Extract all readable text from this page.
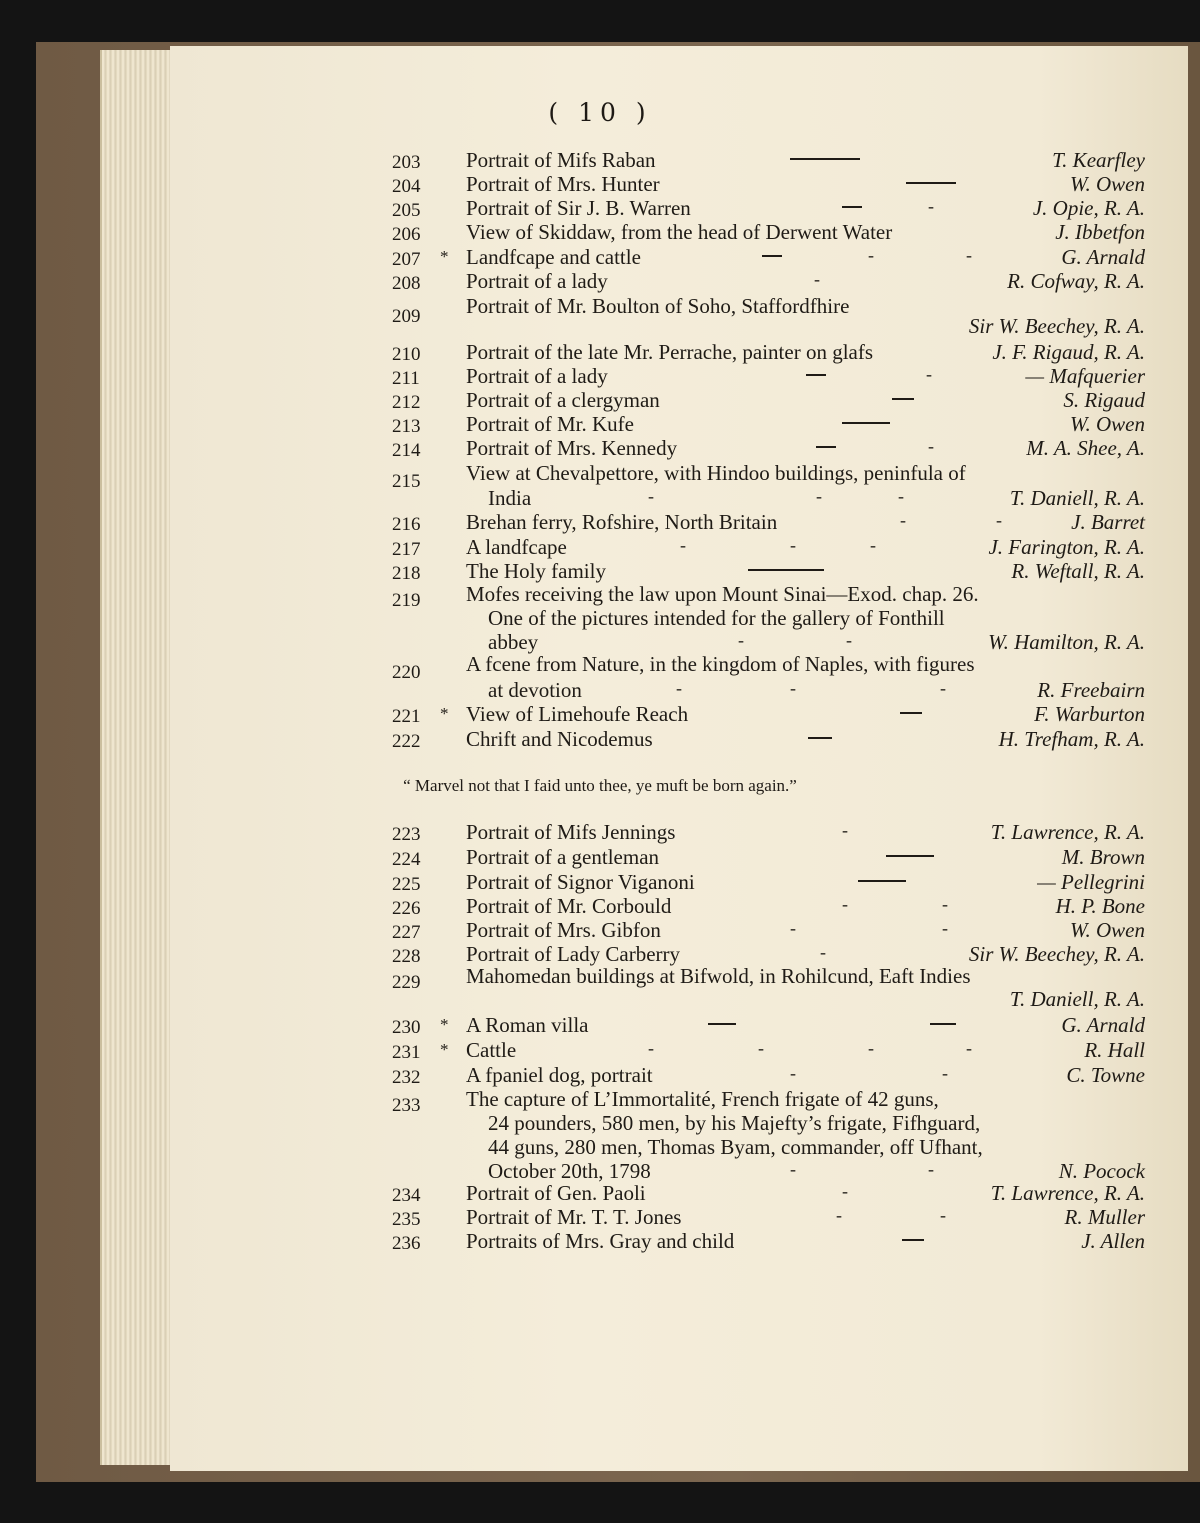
( 10 )
203 Portrait of Mifs Raban	T. Kearfley
204 Portrait of Mrs. Hunter	W. Owen
205 Portrait of Sir J. B. Warren	-	J. Opie, R. A.
206 View of Skiddaw, from the head of Derwent Water	J. Ibbetfon
207 * Landfcape and cattle	-	-	G. Arnald
208 Portrait of a lady	-	R. Cofway, R. A.
209 Portrait of Mr. Boulton of Soho, Staffordfhire
Sir W. Beechey, R. A.
210 Portrait of the late Mr. Perrache, painter on glafs	J. F. Rigaud, R. A.
211 Portrait of a lady	-	— Mafquerier
212 Portrait of a clergyman	S. Rigaud
213 Portrait of Mr. Kufe	W. Owen
214 Portrait of Mrs. Kennedy	-	M. A. Shee, A.
215 View at Chevalpettore, with Hindoo buildings, peninfula of
India	-	-	-	T. Daniell, R. A.
216 Brehan ferry, Rofshire, North Britain	-	-	J. Barret
217 A landfcape	-	-	-	J. Farington, R. A.
218 The Holy family	R. Weftall, R. A.
219 Mofes receiving the law upon Mount Sinai—Exod. chap. 26.
One of the pictures intended for the gallery of Fonthill
abbey	-	-	W. Hamilton, R. A.
220 A fcene from Nature, in the kingdom of Naples, with figures
at devotion	-	-	-	R. Freebairn
221 * View of Limehoufe Reach	F. Warburton
222 Chrift and Nicodemus	H. Trefham, R. A.
“ Marvel not that I faid unto thee, ye muft be born again.”
223 Portrait of Mifs Jennings	-	T. Lawrence, R. A.
224 Portrait of a gentleman	M. Brown
225 Portrait of Signor Viganoni	— Pellegrini
226 Portrait of Mr. Corbould	-	-	H. P. Bone
227 Portrait of Mrs. Gibfon	-	-	W. Owen
228 Portrait of Lady Carberry	-	Sir W. Beechey, R. A.
229 Mahomedan buildings at Bifwold, in Rohilcund, Eaft Indies
T. Daniell, R. A.
230 * A Roman villa	G. Arnald
231 * Cattle	-	-	-	-	R. Hall
232 A fpaniel dog, portrait	-	-	C. Towne
233 The capture of L’Immortalité, French frigate of 42 guns,
24 pounders, 580 men, by his Majefty’s frigate, Fifhguard,
44 guns, 280 men, Thomas Byam, commander, off Ufhant,
October 20th, 1798	-	-	N. Pocock
234 Portrait of Gen. Paoli	-	T. Lawrence, R. A.
235 Portrait of Mr. T. T. Jones	-	-	R. Muller
236 Portraits of Mrs. Gray and child	J. Allen
